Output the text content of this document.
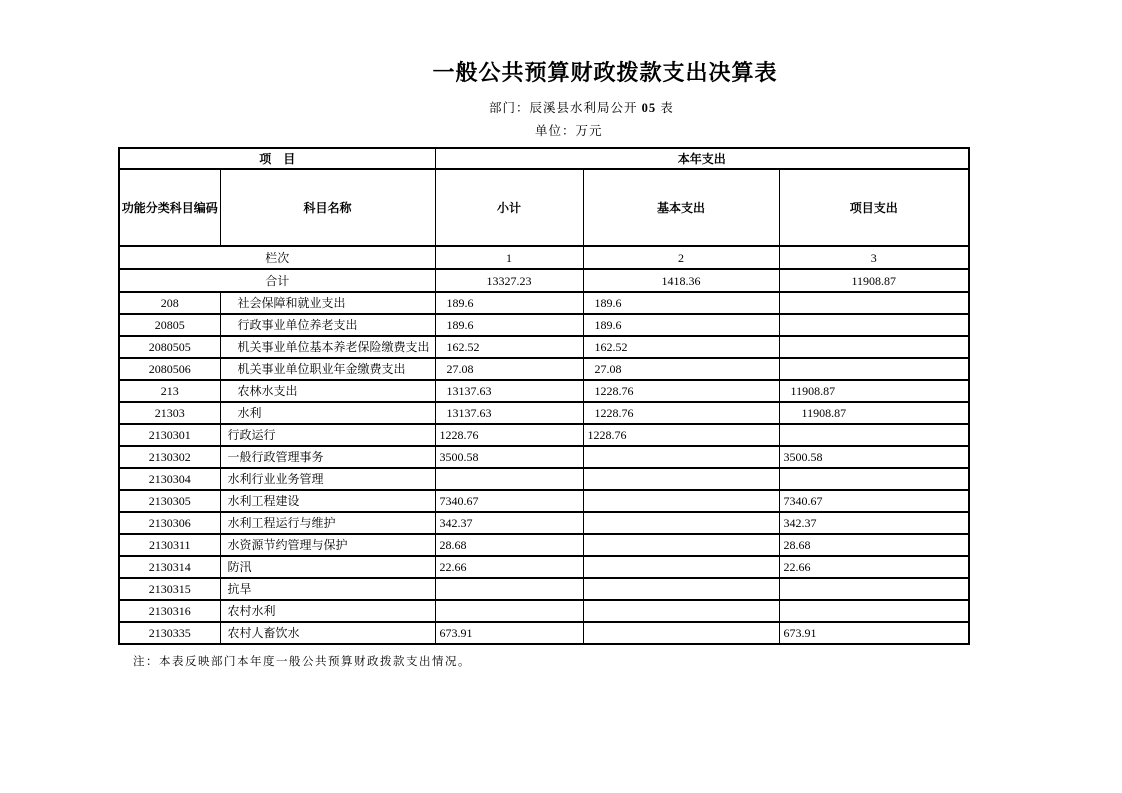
一般公共预算财政拨款支出决算表
部门：辰溪县水利局公开 05 表
单位：万元
项　目		本年支出		
功能分类科目编码	科目名称	小计	基本支出	项目支出
栏次		1	2	3
合计		13327.23	1418.36	11908.87
208	社会保障和就业支出	189.6	189.6	
20805	行政事业单位养老支出	189.6	189.6	
2080505	机关事业单位基本养老保险缴费支出	162.52	162.52	
2080506	机关事业单位职业年金缴费支出	27.08	27.08	
213	农林水支出	13137.63	1228.76	11908.87
21303	水利	13137.63	1228.76	11908.87
2130301	行政运行	1228.76	1228.76	
2130302	一般行政管理事务	3500.58		3500.58
2130304	水利行业业务管理			
2130305	水利工程建设	7340.67		7340.67
2130306	水利工程运行与维护	342.37		342.37
2130311	水资源节约管理与保护	28.68		28.68
2130314	防汛	22.66		22.66
2130315	抗旱			
2130316	农村水利			
2130335	农村人畜饮水	673.91		673.91
注：本表反映部门本年度一般公共预算财政拨款支出情况。
